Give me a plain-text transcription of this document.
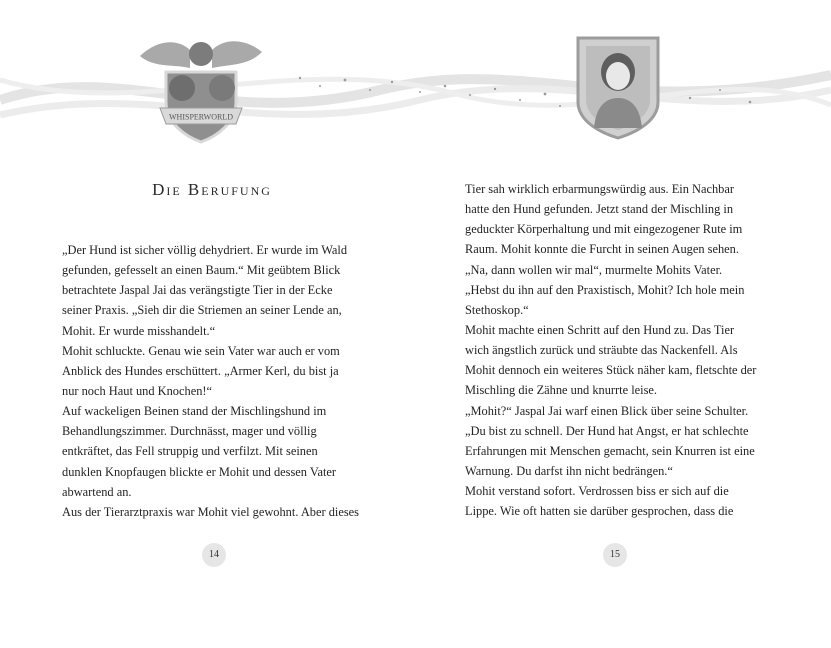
WHISPERWORLD
Die Berufung
„Der Hund ist sicher völlig dehydriert. Er wurde im Wald
gefunden, gefesselt an einen Baum.“ Mit geübtem Blick
betrachtete Jaspal Jai das verängstigte Tier in der Ecke
seiner Praxis. „Sieh dir die Striemen an seiner Lende an,
Mohit. Er wurde misshandelt.“
Mohit schluckte. Genau wie sein Vater war auch er vom
Anblick des Hundes erschüttert. „Armer Kerl, du bist ja
nur noch Haut und Knochen!“
Auf wackeligen Beinen stand der Mischlingshund im
Behandlungszimmer. Durchnässt, mager und völlig
entkräftet, das Fell struppig und verfilzt. Mit seinen
dunklen Knopfaugen blickte er Mohit und dessen Vater
abwartend an.
Aus der Tierarztpraxis war Mohit viel gewohnt. Aber dieses
Tier sah wirklich erbarmungswürdig aus. Ein Nachbar
hatte den Hund gefunden. Jetzt stand der Mischling in
geduckter Körperhaltung und mit eingezogener Rute im
Raum. Mohit konnte die Furcht in seinen Augen sehen.
„Na, dann wollen wir mal“, murmelte Mohits Vater.
„Hebst du ihn auf den Praxistisch, Mohit? Ich hole mein
Stethoskop.“
Mohit machte einen Schritt auf den Hund zu. Das Tier
wich ängstlich zurück und sträubte das Nackenfell. Als
Mohit dennoch ein weiteres Stück näher kam, fletschte der
Mischling die Zähne und knurrte leise.
„Mohit?“ Jaspal Jai warf einen Blick über seine Schulter.
„Du bist zu schnell. Der Hund hat Angst, er hat schlechte
Erfahrungen mit Menschen gemacht, sein Knurren ist eine
Warnung. Du darfst ihn nicht bedrängen.“
Mohit verstand sofort. Verdrossen biss er sich auf die
Lippe. Wie oft hatten sie darüber gesprochen, dass die
14	15
